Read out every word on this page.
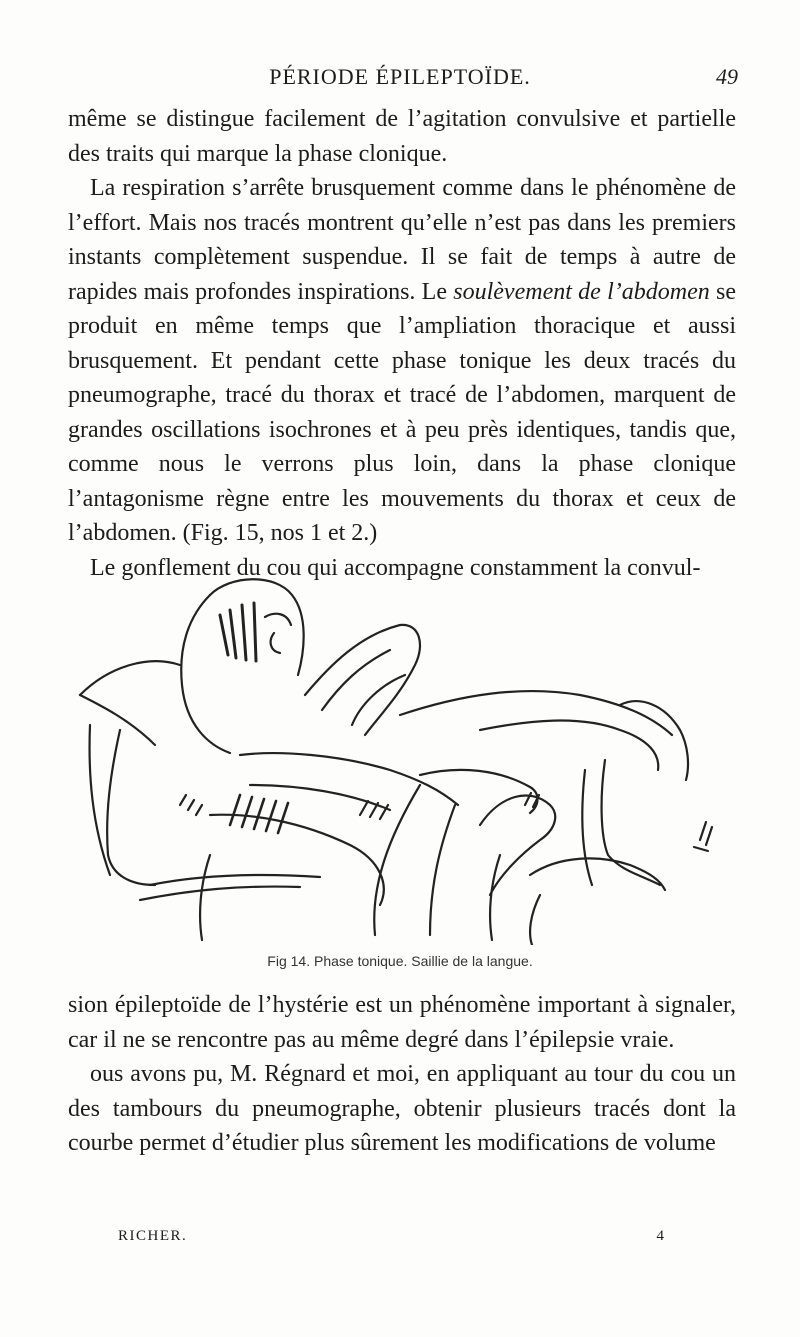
PÉRIODE ÉPILEPTOÏDE.	49

même se distingue facilement de l’agitation convulsive et partielle des traits qui marque la phase clonique.

La respiration s’arrête brusquement comme dans le phénomène de l’effort. Mais nos tracés montrent qu’elle n’est pas dans les premiers instants complètement suspendue. Il se fait de temps à autre de rapides mais profondes inspirations. Le soulèvement de l’abdomen se produit en même temps que l’ampliation thoracique et aussi brusquement. Et pendant cette phase tonique les deux tracés du pneumographe, tracé du thorax et tracé de l’abdomen, marquent de grandes oscillations isochrones et à peu près identiques, tandis que, comme nous le verrons plus loin, dans la phase clonique l’antagonisme règne entre les mouvements du thorax et ceux de l’abdomen. (Fig. 15, nos 1 et 2.)

Le gonflement du cou qui accompagne constamment la convul-

Fig 14. Phase tonique. Saillie de la langue.

sion épileptoïde de l’hystérie est un phénomène important à signaler, car il ne se rencontre pas au même degré dans l’épilepsie vraie.

ous avons pu, M. Régnard et moi, en appliquant au tour du cou un des tambours du pneumographe, obtenir plusieurs tracés dont la courbe permet d’étudier plus sûrement les modifications de volume

RICHER.	4
